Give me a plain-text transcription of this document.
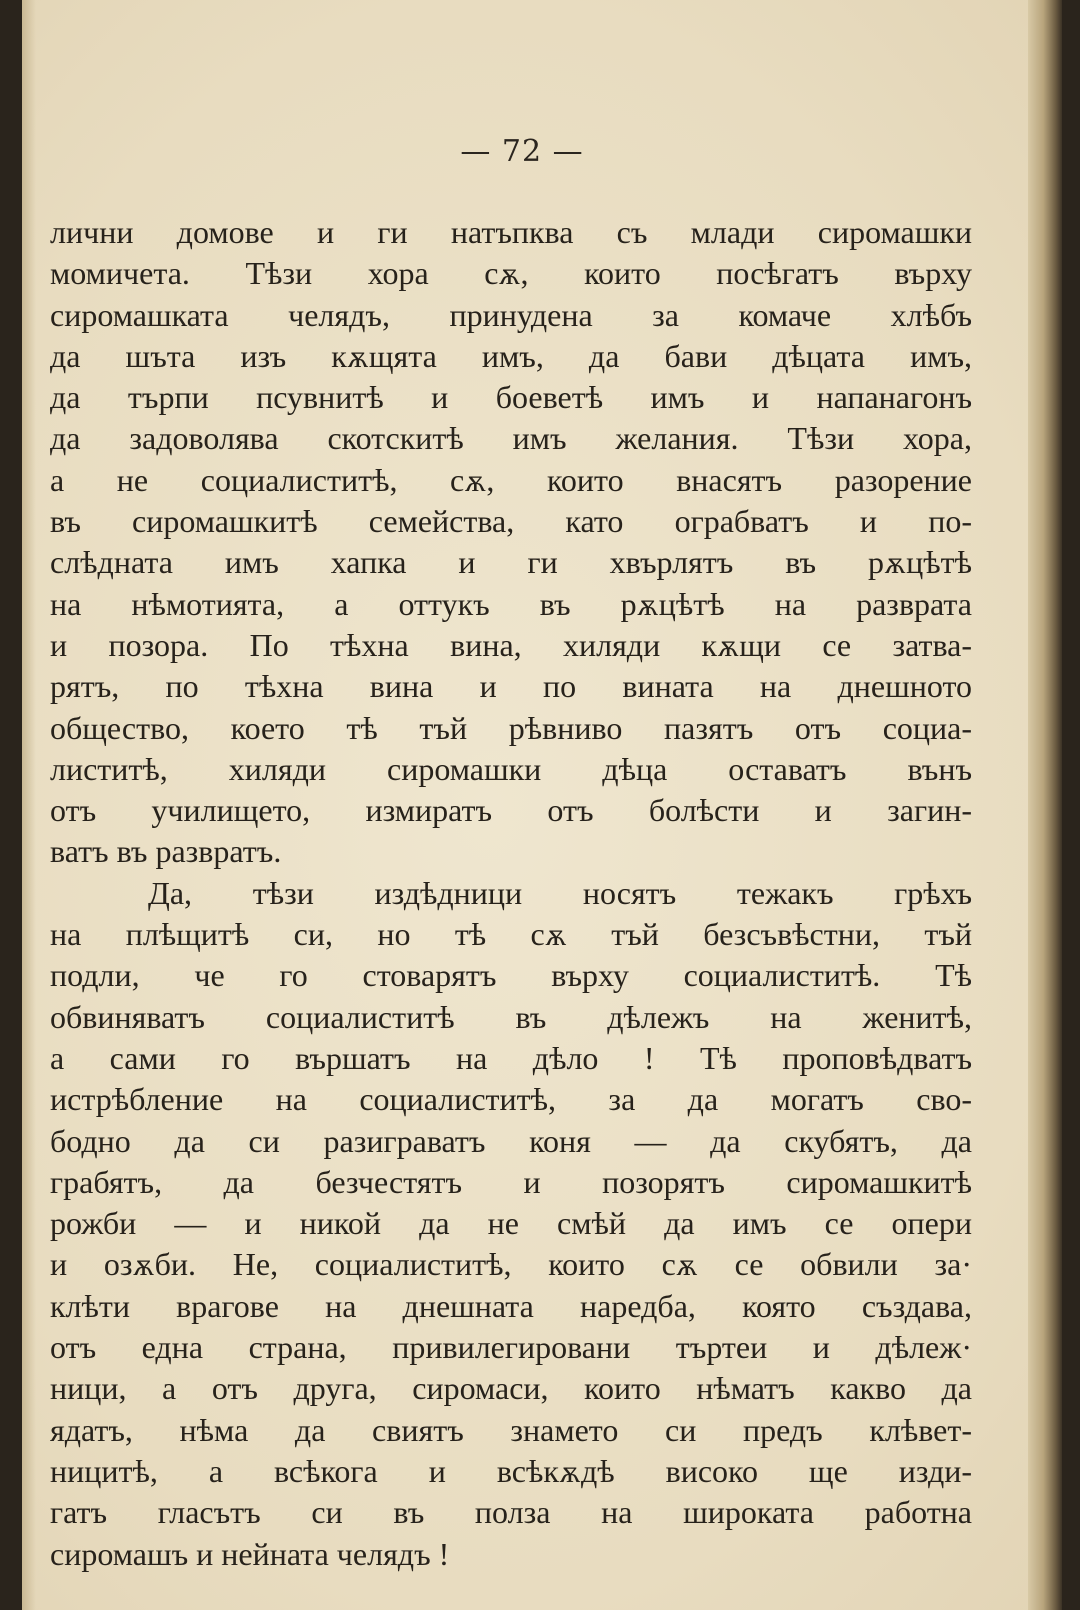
— 72 —
лични домове и ги натъпква съ млади сиромашки
момичета. Тѣзи хора сѫ, които посѣгатъ върху
сиромашката челядъ, принудена за комаче хлѣбъ
да шъта изъ кѫщята имъ, да бави дѣцата имъ,
да търпи псувнитѣ и боеветѣ имъ и напанагонъ
да задоволява скотскитѣ имъ желания. Тѣзи хора,
а не социалиститѣ, сѫ, които внасятъ разорение
въ сиромашкитѣ семейства, като ограбватъ и по-
слѣдната имъ хапка и ги хвърлятъ въ рѫцѣтѣ
на нѣмотията, а оттукъ въ рѫцѣтѣ на разврата
и позора. По тѣхна вина, хиляди кѫщи се затва-
рятъ, по тѣхна вина и по вината на днешното
общество, което тѣ тъй рѣвниво пазятъ отъ социа-
листитѣ, хиляди сиромашки дѣца оставатъ вънъ
отъ училището, измиратъ отъ болѣсти и загин-
ватъ въ развратъ.
Да, тѣзи издѣдници носятъ тежакъ грѣхъ
на плѣщитѣ си, но тѣ сѫ тъй безсъвѣстни, тъй
подли, че го стоварятъ върху социалиститѣ. Тѣ
обвиняватъ социалиститѣ въ дѣлежъ на женитѣ,
а сами го вършатъ на дѣло ! Тѣ проповѣдватъ
истрѣбление на социалиститѣ, за да могатъ сво-
бодно да си разиграватъ коня — да скубятъ, да
грабятъ, да безчестятъ и позорятъ сиромашкитѣ
рожби — и никой да не смѣй да имъ се опери
и озѫби. Не, социалиститѣ, които сѫ се обвили за·
клѣти врагове на днешната наредба, която създава,
отъ една страна, привилегировани търтеи и дѣлеж·
ници, а отъ друга, сиромаси, които нѣматъ какво да
ядатъ, нѣма да свиятъ знамето си предъ клѣвет-
ницитѣ, а всѣкога и всѣкѫдѣ високо ще изди-
гатъ гласътъ си въ полза на широката работна
сиромашъ и нейната челядъ !
